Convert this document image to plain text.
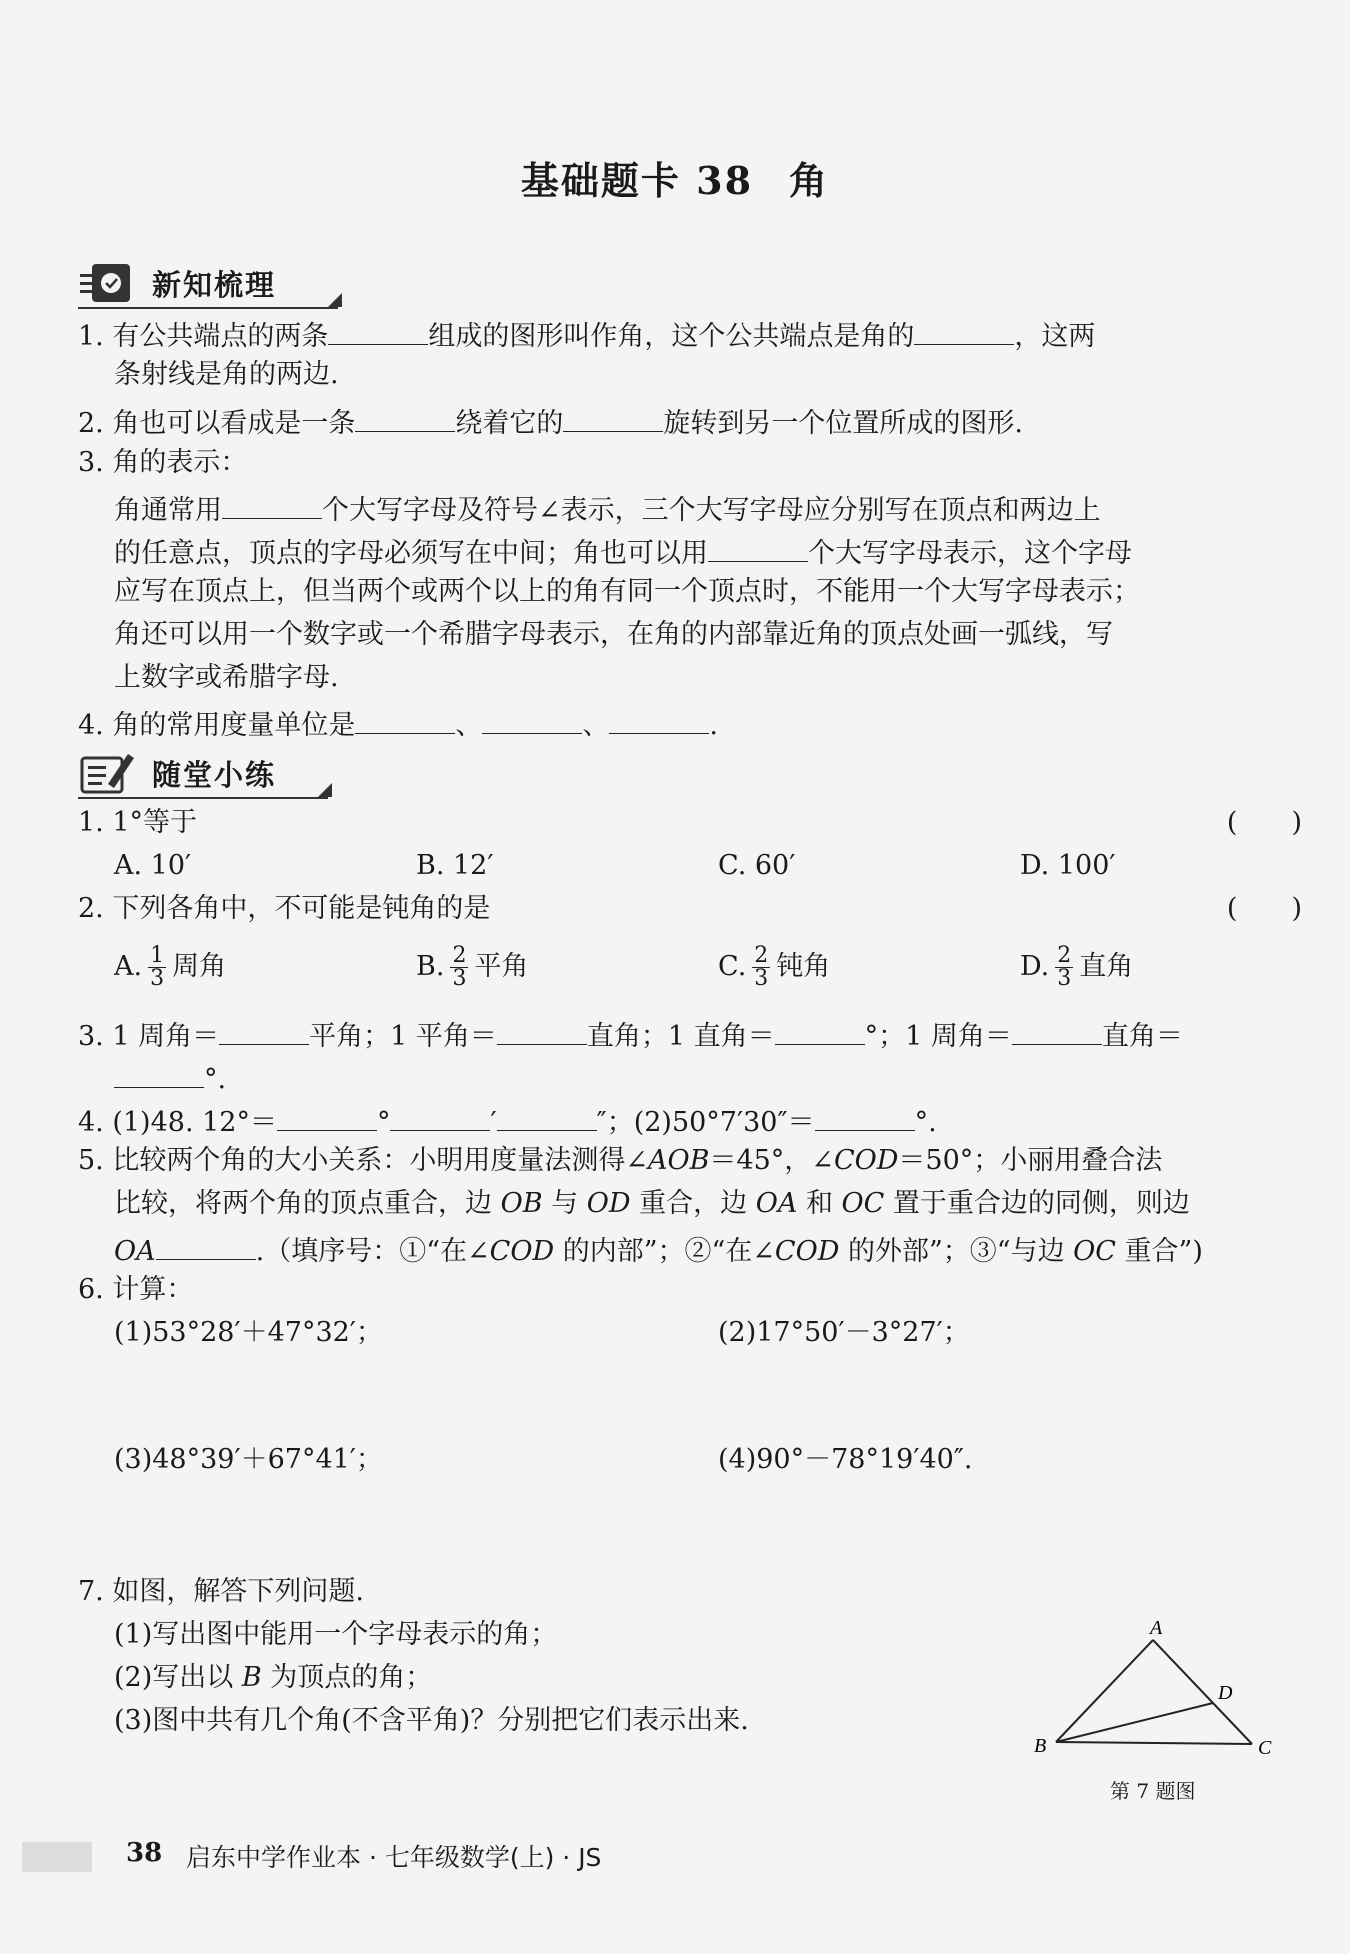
基础题卡 38 角
新知梳理
1. 有公共端点的两条	组成的图形叫作角，这个公共端点是角的	，这两
条射线是角的两边.
2. 角也可以看成是一条	绕着它的	旋转到另一个位置所成的图形.
3. 角的表示：
角通常用	个大写字母及符号∠表示，三个大写字母应分别写在顶点和两边上
的任意点，顶点的字母必须写在中间；角也可以用	个大写字母表示，这个字母
应写在顶点上，但当两个或两个以上的角有同一个顶点时，不能用一个大写字母表示；
角还可以用一个数字或一个希腊字母表示，在角的内部靠近角的顶点处画一弧线，写
上数字或希腊字母.
4. 角的常用度量单位是	、	、	.
随堂小练
1. 1°等于	(　　)
A. 10′	B. 12′	C. 60′	D. 100′
2. 下列各角中，不可能是钝角的是	(　　)
A. $\frac{1}{3}$ 周角	B. $\frac{2}{3}$ 平角	C. $\frac{2}{3}$ 钝角	D. $\frac{2}{3}$ 直角
3. 1 周角＝	平角；1 平角＝	直角；1 直角＝	°；1 周角＝	直角＝
°.
4. (1)48. 12°＝	°	′	″；(2)50°7′30″＝	°.
5. 比较两个角的大小关系：小明用度量法测得∠AOB＝45°，∠COD＝50°；小丽用叠合法
比较，将两个角的顶点重合，边 OB 与 OD 重合，边 OA 和 OC 置于重合边的同侧，则边
OA	.（填序号：①“在∠COD 的内部”；②“在∠COD 的外部”；③“与边 OC 重合”)
6. 计算：
(1)53°28′＋47°32′；	(2)17°50′－3°27′；
(3)48°39′＋67°41′；	(4)90°－78°19′40″.
7. 如图，解答下列问题.
(1)写出图中能用一个字母表示的角；
(2)写出以 B 为顶点的角；
(3)图中共有几个角(不含平角)？分别把它们表示出来.
A
B	C
D
第 7 题图
38 启东中学作业本 · 七年级数学(上) · JS
